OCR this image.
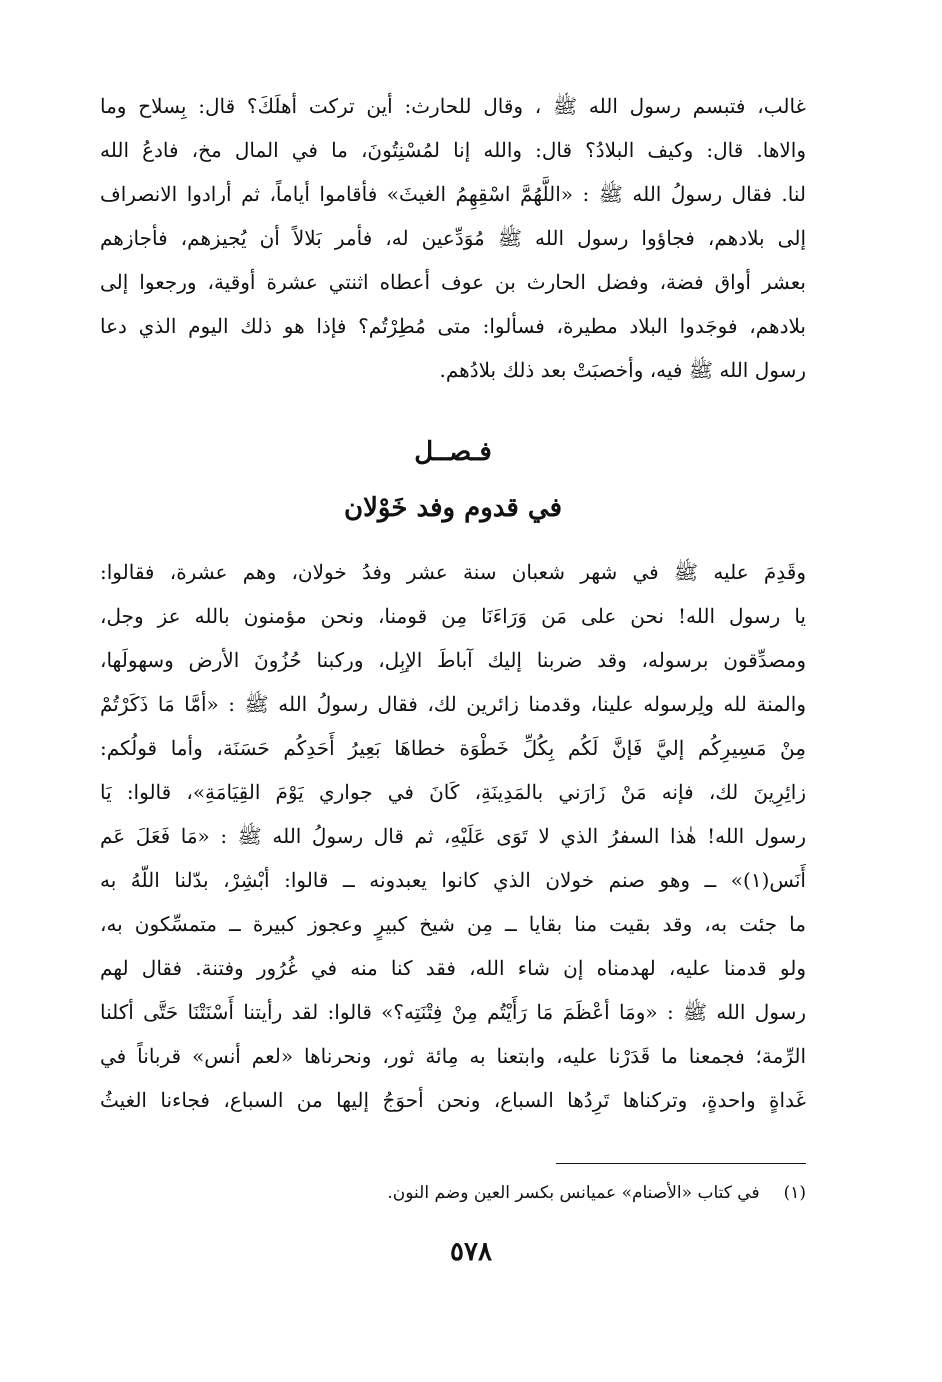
غالب، فتبسم رسول الله ﷺ ، وقال للحارث: أين تركت أهلَكَ؟ قال: بِسلاح وما
والاها. قال: وكيف البلادُ؟ قال: والله إنا لمُسْنِتُونَ، ما في المال مخ، فادعُ الله
لنا. فقال رسولُ الله ﷺ : «اللَّهُمَّ اسْقِهِمُ الغيثَ» فأقاموا أياماً، ثم أرادوا الانصراف
إلى بلادهم، فجاؤوا رسول الله ﷺ مُوَدِّعين له، فأمر بَلالاً أن يُجيزهم، فأجازهم
بعشر أواق فضة، وفضل الحارث بن عوف أعطاه اثنتي عشرة أوقية، ورجعوا إلى
بلادهم، فوجَدوا البلاد مطيرة، فسألوا: متى مُطِرْتُم؟ فإذا هو ذلك اليوم الذي دعا
رسول الله ﷺ فيه، وأخصبَتْ بعد ذلك بلادُهم.
فـصــل
في قدوم وفد خَوْلان
وقَدِمَ عليه ﷺ في شهر شعبان سنة عشر وفدُ خولان، وهم عشرة، فقالوا:
يا رسول الله! نحن على مَن وَرَاءَنَا مِن قومنا، ونحن مؤمنون بالله عز وجل،
ومصدِّقون برسوله، وقد ضربنا إليك آباطَ الإبِل، وركبنا حُزُونَ الأرض وسهولَها،
والمنة لله ولِرسوله علينا، وقدمنا زائرين لك، فقال رسولُ الله ﷺ : «أمَّا مَا ذَكَرْتُمْ
مِنْ مَسِيرِكُم إليَّ فَإنَّ لَكُم بِكُلِّ خَطْوَة خطاهَا بَعِيرُ أَحَدِكُم حَسَنَة، وأما قولُكم:
زائِرِينَ لك، فإنه مَنْ زَارَني بالمَدِينَةِ، كَانَ في جواري يَوْمَ القِيَامَةِ»، قالوا: يَا
رسول الله! هٰذا السفرُ الذي لا تَوَى عَلَيْهِ، ثم قال رسولُ الله ﷺ : «مَا فَعَلَ عَم
أَنَس(١)» ــ وهو صنم خولان الذي كانوا يعبدونه ــ قالوا: أبْشِرْ، بدّلنا اللّهُ به
ما جئت به، وقد بقيت منا بقايا ــ مِن شيخ كبيرٍ وعجوز كبيرة ــ متمسِّكون به،
ولو قدمنا عليه، لهدمناه إن شاء الله، فقد كنا منه في غُرُور وفتنة. فقال لهم
رسول الله ﷺ : «ومَا أعْظَمَ مَا رَأَيْتُم مِنْ فِتْنَتِه؟» قالوا: لقد رأيتنا أَسْنَتْنَا حَتَّى أكلنا
الرِّمة؛ فجمعنا ما قَدَرْنا عليه، وابتعنا به مِائة ثور، ونحرناها «لعم أنس» قرباناً في
غَداةٍ واحدةٍ، وتركناها تَرِدُها السباع، ونحن أحوَجُ إليها من السباع، فجاءنا الغيثُ
(١)في كتاب «الأصنام» عميانس بكسر العين وضم النون.
٥٧٨
